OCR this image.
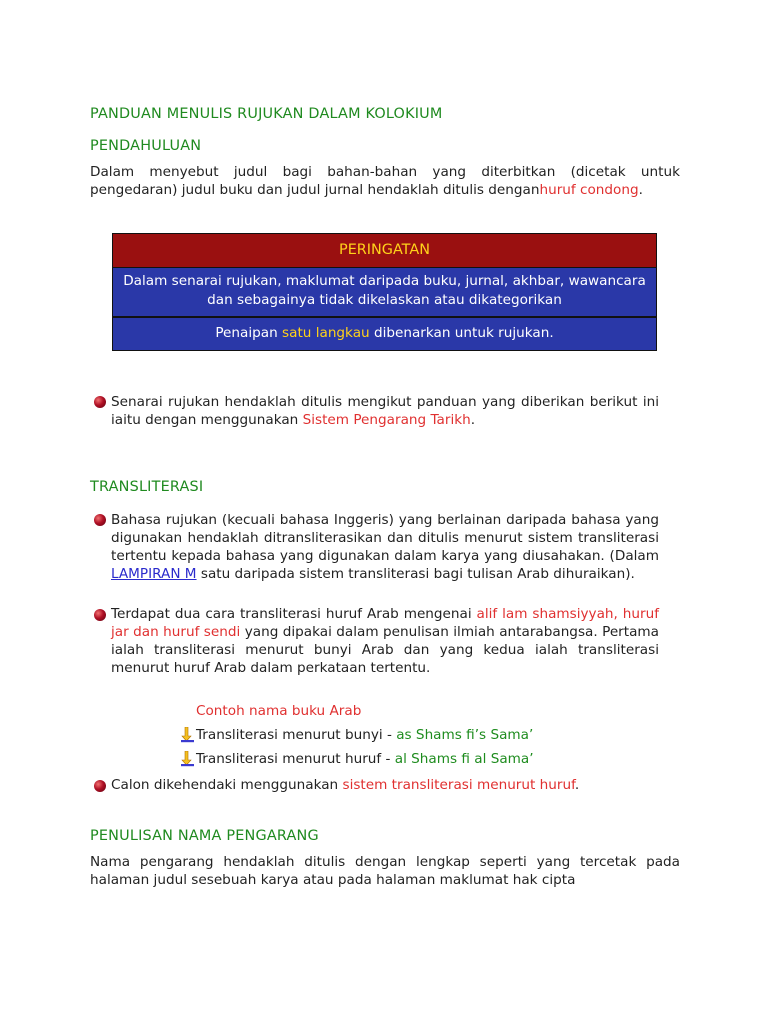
PANDUAN MENULIS RUJUKAN DALAM KOLOKIUM
PENDAHULUAN

Dalam menyebut judul bagi bahan-bahan yang diterbitkan (dicetak untuk pengedaran) judul buku dan judul jurnal hendaklah ditulis denganhuruf condong.

PERINGATAN
Dalam senarai rujukan, maklumat daripada buku, jurnal, akhbar, wawancara dan sebagainya tidak dikelaskan atau dikategorikan
Penaipan satu langkau dibenarkan untuk rujukan.

Senarai rujukan hendaklah ditulis mengikut panduan yang diberikan berikut ini iaitu dengan menggunakan Sistem Pengarang Tarikh.

TRANSLITERASI

Bahasa rujukan (kecuali bahasa Inggeris) yang berlainan daripada bahasa yang digunakan hendaklah ditransliterasikan dan ditulis menurut sistem transliterasi tertentu kepada bahasa yang digunakan dalam karya yang diusahakan. (Dalam LAMPIRAN M satu daripada sistem transliterasi bagi tulisan Arab dihuraikan).

Terdapat dua cara transliterasi huruf Arab mengenai alif lam shamsiyyah, huruf jar dan huruf sendi yang dipakai dalam penulisan ilmiah antarabangsa. Pertama ialah transliterasi menurut bunyi Arab dan yang kedua ialah transliterasi menurut huruf Arab dalam perkataan tertentu.

Contoh nama buku Arab

Transliterasi menurut bunyi - as Shams fi’s Sama’

Transliterasi menurut huruf - al Shams fi al Sama’

Calon dikehendaki menggunakan sistem transliterasi menurut huruf.

PENULISAN NAMA PENGARANG

Nama pengarang hendaklah ditulis dengan lengkap seperti yang tercetak pada halaman judul sesebuah karya atau pada halaman maklumat hak cipta
